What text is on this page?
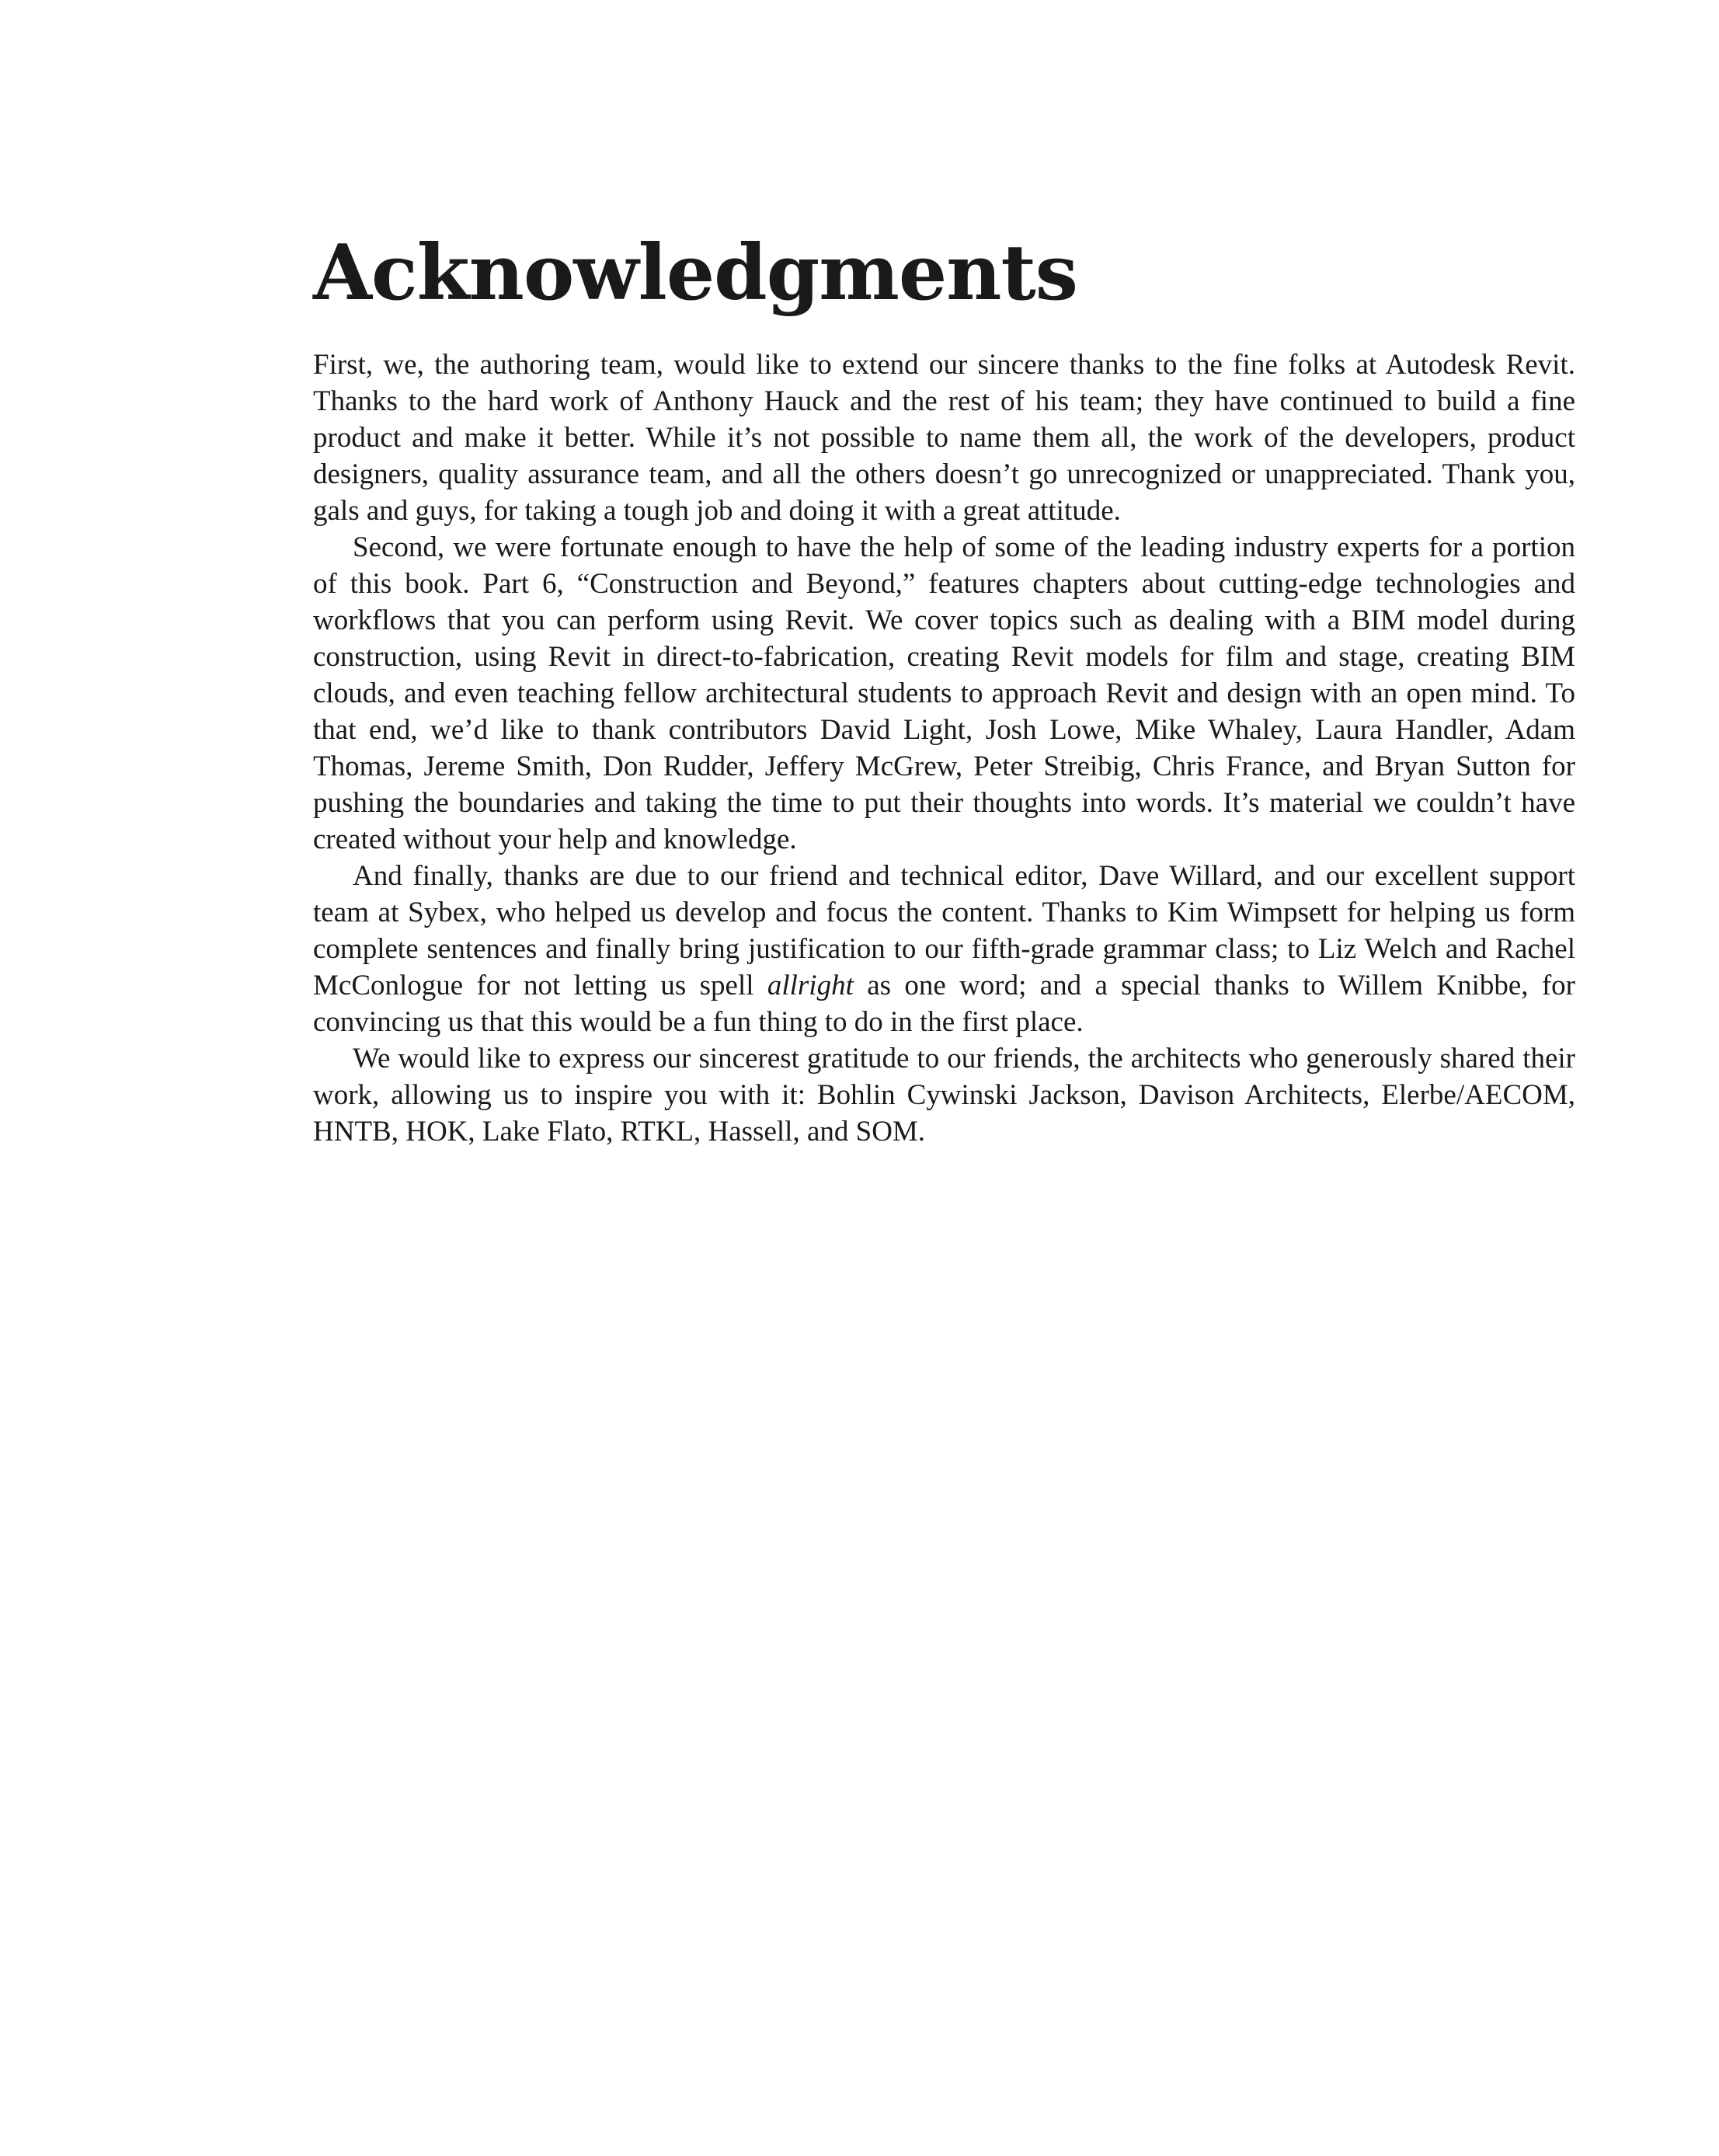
Acknowledgments

First, we, the authoring team, would like to extend our sincere thanks to the fine folks at Autodesk Revit. Thanks to the hard work of Anthony Hauck and the rest of his team; they have continued to build a fine product and make it better. While it’s not possible to name them all, the work of the developers, product designers, quality assurance team, and all the others doesn’t go unrecognized or unappreciated. Thank you, gals and guys, for taking a tough job and doing it with a great attitude.

Second, we were fortunate enough to have the help of some of the leading industry experts for a portion of this book. Part 6, “Construction and Beyond,” features chapters about cutting-edge technologies and workflows that you can perform using Revit. We cover topics such as dealing with a BIM model during construction, using Revit in direct-to-fabrication, creating Revit models for film and stage, creating BIM clouds, and even teaching fellow architectural students to approach Revit and design with an open mind. To that end, we’d like to thank contributors David Light, Josh Lowe, Mike Whaley, Laura Handler, Adam Thomas, Jereme Smith, Don Rudder, Jeffery McGrew, Peter Streibig, Chris France, and Bryan Sutton for pushing the boundaries and taking the time to put their thoughts into words. It’s material we couldn’t have created without your help and knowledge.

And finally, thanks are due to our friend and technical editor, Dave Willard, and our excellent support team at Sybex, who helped us develop and focus the content. Thanks to Kim Wimpsett for helping us form complete sentences and finally bring justification to our fifth-grade grammar class; to Liz Welch and Rachel McConlogue for not letting us spell allright as one word; and a special thanks to Willem Knibbe, for convincing us that this would be a fun thing to do in the first place.

We would like to express our sincerest gratitude to our friends, the architects who generously shared their work, allowing us to inspire you with it: Bohlin Cywinski Jackson, Davison Architects, Elerbe/AECOM, HNTB, HOK, Lake Flato, RTKL, Hassell, and SOM.
